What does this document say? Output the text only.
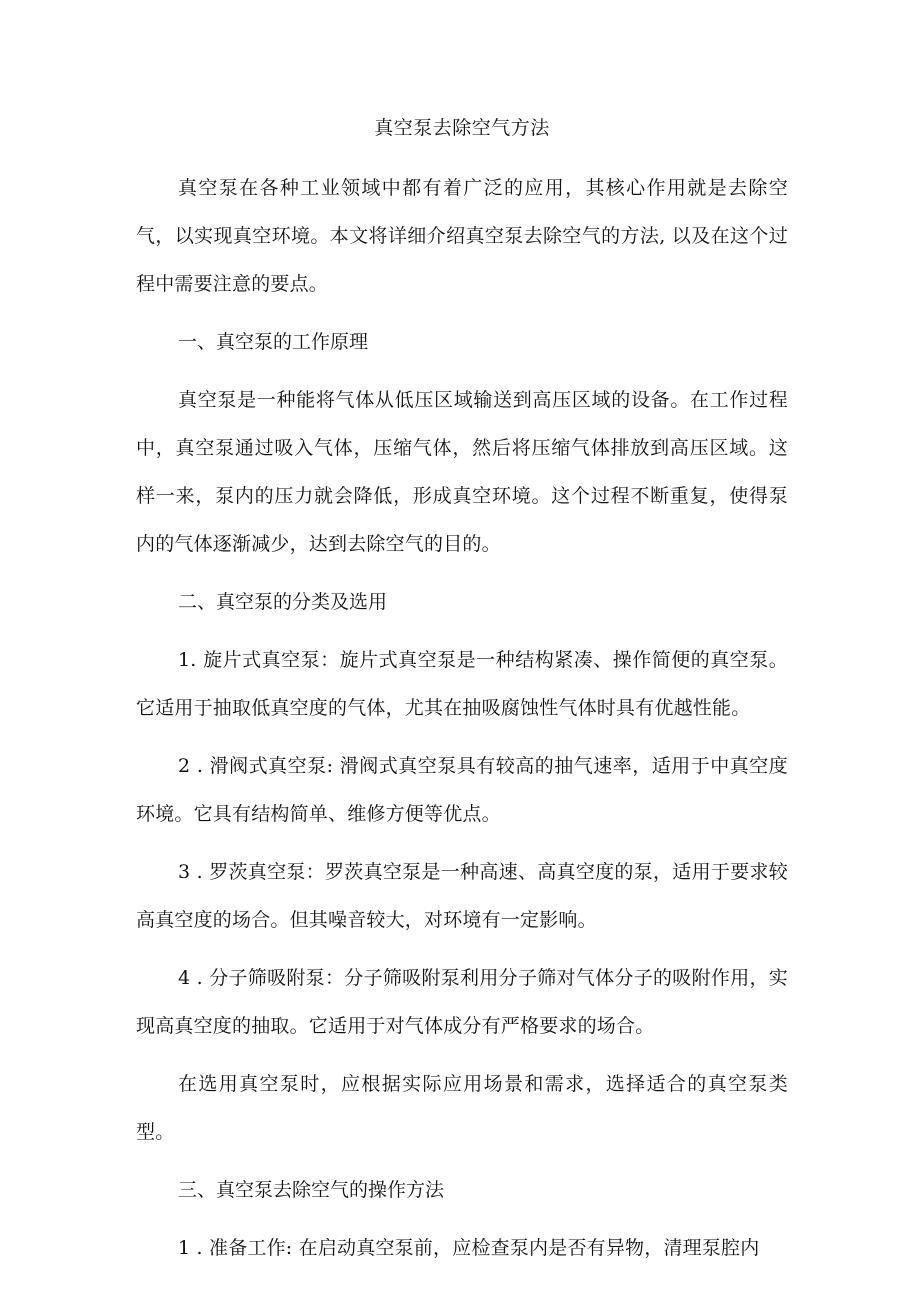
真空泵去除空气方法

真空泵在各种工业领域中都有着广泛的应用，其核心作用就是去除空气，以实现真空环境。本文将详细介绍真空泵去除空气的方法, 以及在这个过程中需要注意的要点。

一、真空泵的工作原理

真空泵是一种能将气体从低压区域输送到高压区域的设备。在工作过程中，真空泵通过吸入气体，压缩气体，然后将压缩气体排放到高压区域。这样一来，泵内的压力就会降低，形成真空环境。这个过程不断重复，使得泵内的气体逐渐减少，达到去除空气的目的。

二、真空泵的分类及选用

1. 旋片式真空泵：旋片式真空泵是一种结构紧凑、操作简便的真空泵。它适用于抽取低真空度的气体，尤其在抽吸腐蚀性气体时具有优越性能。

2 . 滑阀式真空泵: 滑阀式真空泵具有较高的抽气速率，适用于中真空度环境。它具有结构简单、维修方便等优点。

3 . 罗茨真空泵：罗茨真空泵是一种高速、高真空度的泵，适用于要求较高真空度的场合。但其噪音较大，对环境有一定影响。

4 . 分子筛吸附泵：分子筛吸附泵利用分子筛对气体分子的吸附作用，实现高真空度的抽取。它适用于对气体成分有严格要求的场合。

在选用真空泵时，应根据实际应用场景和需求，选择适合的真空泵类型。

三、真空泵去除空气的操作方法

1 . 准备工作: 在启动真空泵前，应检查泵内是否有异物，清理泵腔内
